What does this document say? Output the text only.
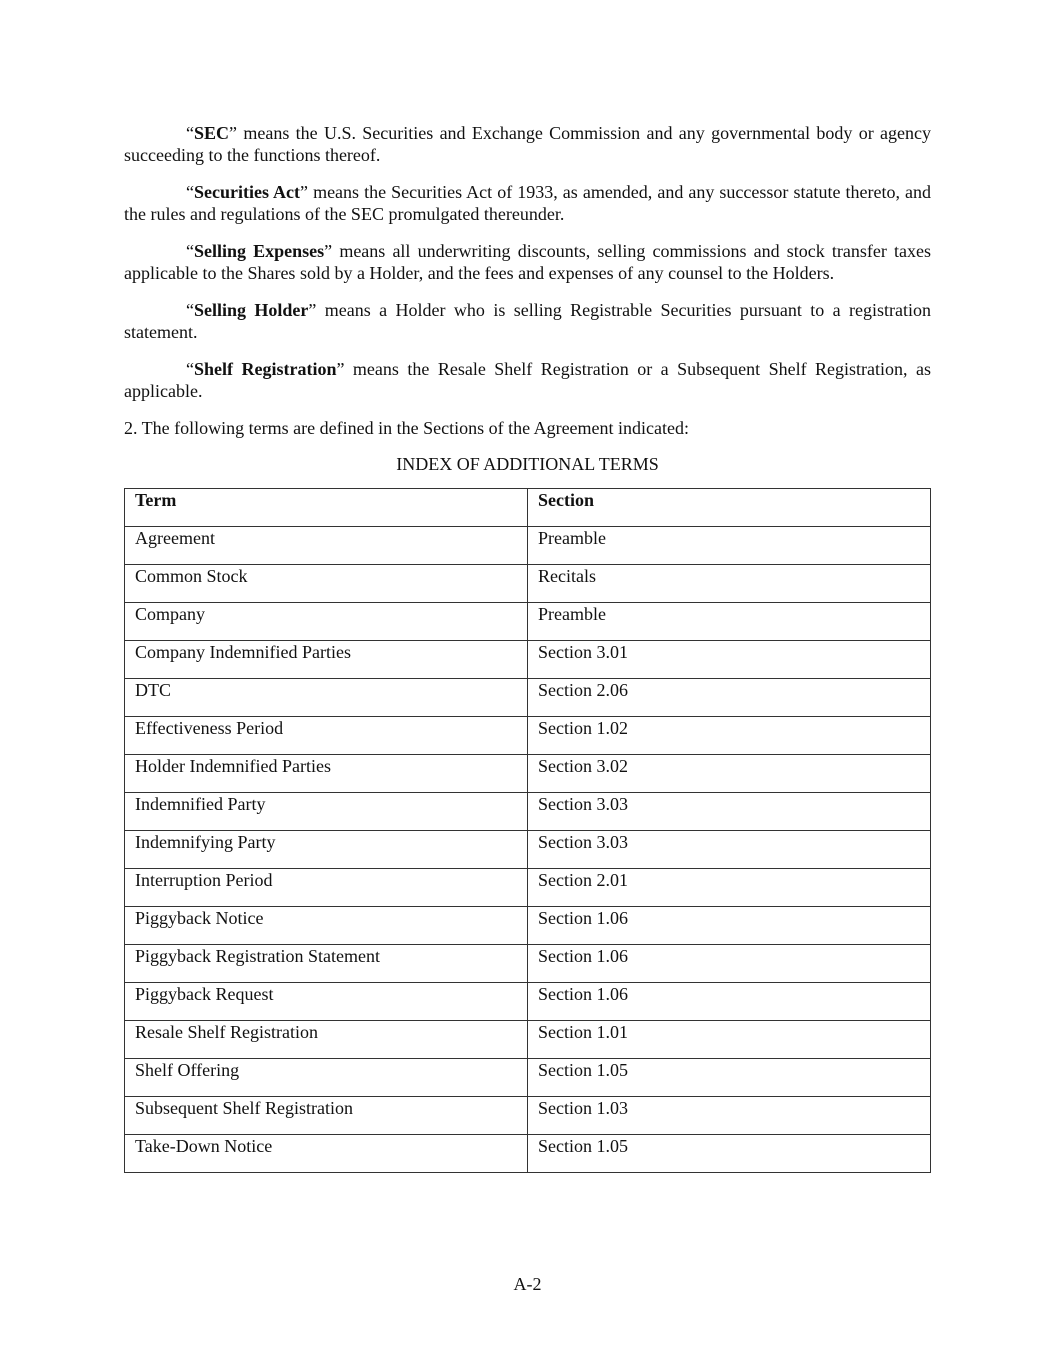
“SEC” means the U.S. Securities and Exchange Commission and any governmental body or agency succeeding to the functions thereof.

“Securities Act” means the Securities Act of 1933, as amended, and any successor statute thereto, and the rules and regulations of the SEC promulgated thereunder.

“Selling Expenses” means all underwriting discounts, selling commissions and stock transfer taxes applicable to the Shares sold by a Holder, and the fees and expenses of any counsel to the Holders.

“Selling Holder” means a Holder who is selling Registrable Securities pursuant to a registration statement.

“Shelf Registration” means the Resale Shelf Registration or a Subsequent Shelf Registration, as applicable.

2. The following terms are defined in the Sections of the Agreement indicated:

INDEX OF ADDITIONAL TERMS

Term	Section

Agreement	Preamble

Common Stock	Recitals

Company	Preamble

Company Indemnified Parties	Section 3.01

DTC	Section 2.06

Effectiveness Period	Section 1.02

Holder Indemnified Parties	Section 3.02

Indemnified Party	Section 3.03

Indemnifying Party	Section 3.03

Interruption Period	Section 2.01

Piggyback Notice	Section 1.06

Piggyback Registration Statement	Section 1.06

Piggyback Request	Section 1.06

Resale Shelf Registration	Section 1.01

Shelf Offering	Section 1.05

Subsequent Shelf Registration	Section 1.03

Take-Down Notice	Section 1.05
A-2
